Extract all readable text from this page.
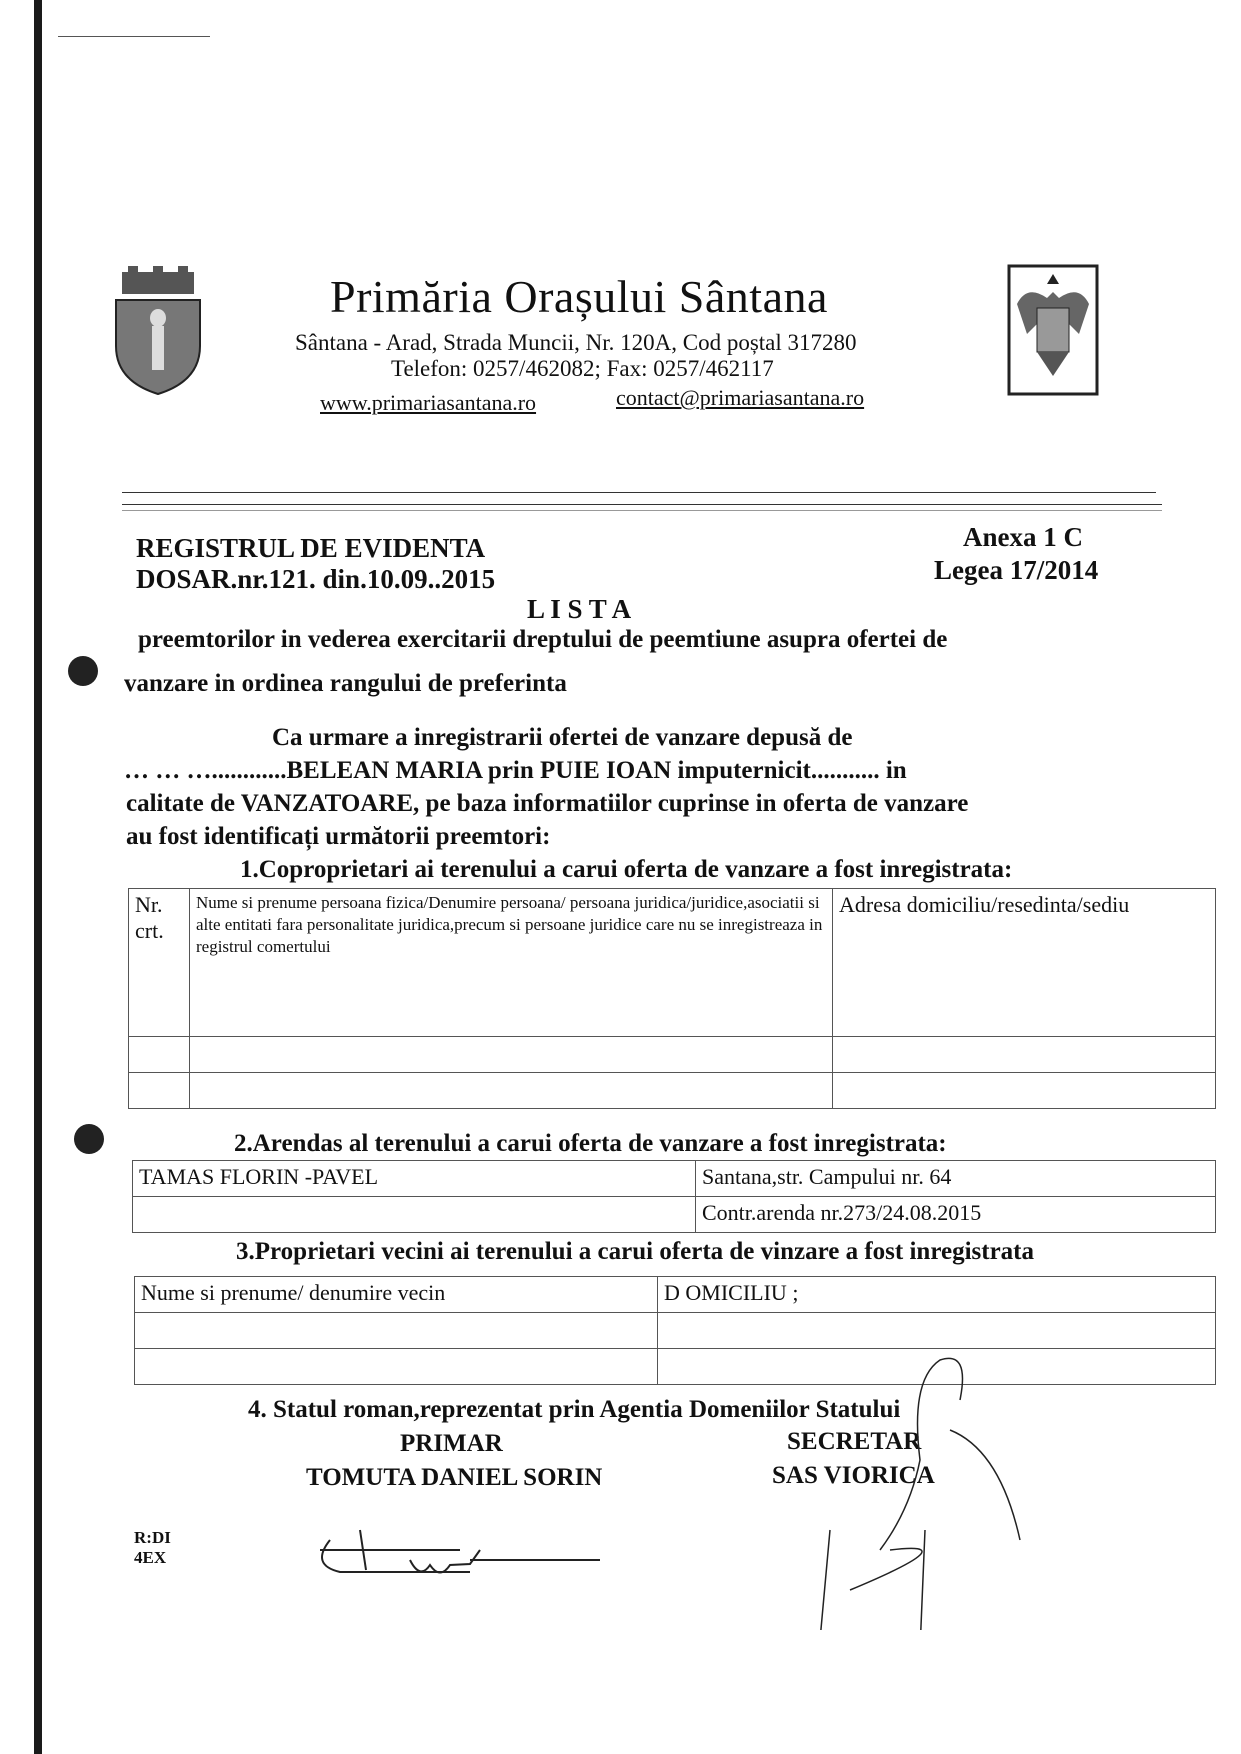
Primăria Orașului Sântana
Sântana - Arad, Strada Muncii, Nr. 120A, Cod poștal 317280
Telefon: 0257/462082; Fax: 0257/462117
www.primariasantana.ro	contact@primariasantana.ro
REGISTRUL DE EVIDENTA
DOSAR.nr.121. din.10.09..2015
Anexa 1 C
Legea 17/2014
L I S T A
preemtorilor in vederea exercitarii dreptului de peemtiune asupra ofertei de
vanzare in ordinea rangului de preferinta
Ca urmare a inregistrarii ofertei de vanzare depusă de
… … …............BELEAN MARIA prin PUIE IOAN imputernicit........... in
calitate de VANZATOARE, pe baza informatiilor cuprinse in oferta de vanzare
au fost identificați următorii preemtori:
1.Coproprietari ai terenului a carui oferta de vanzare a fost inregistrata:
Nr. crt.	Nume si prenume persoana fizica/Denumire persoana/ persoana juridica/juridice,asociatii si alte entitati fara personalitate juridica,precum si persoane juridice care nu se inregistreaza in registrul comertului	Adresa domiciliu/resedinta/sediu

2.Arendas al terenului a carui oferta de vanzare a fost inregistrata:
TAMAS FLORIN -PAVEL	Santana,str. Campului nr. 64
	Contr.arenda nr.273/24.08.2015
3.Proprietari vecini ai terenului a carui oferta de vinzare a fost inregistrata
Nume si prenume/ denumire vecin	D OMICILIU ;

4. Statul roman,reprezentat prin Agentia Domeniilor Statului
PRIMAR
TOMUTA DANIEL SORIN
SECRETAR
SAS VIORICA
R:DI
4EX
